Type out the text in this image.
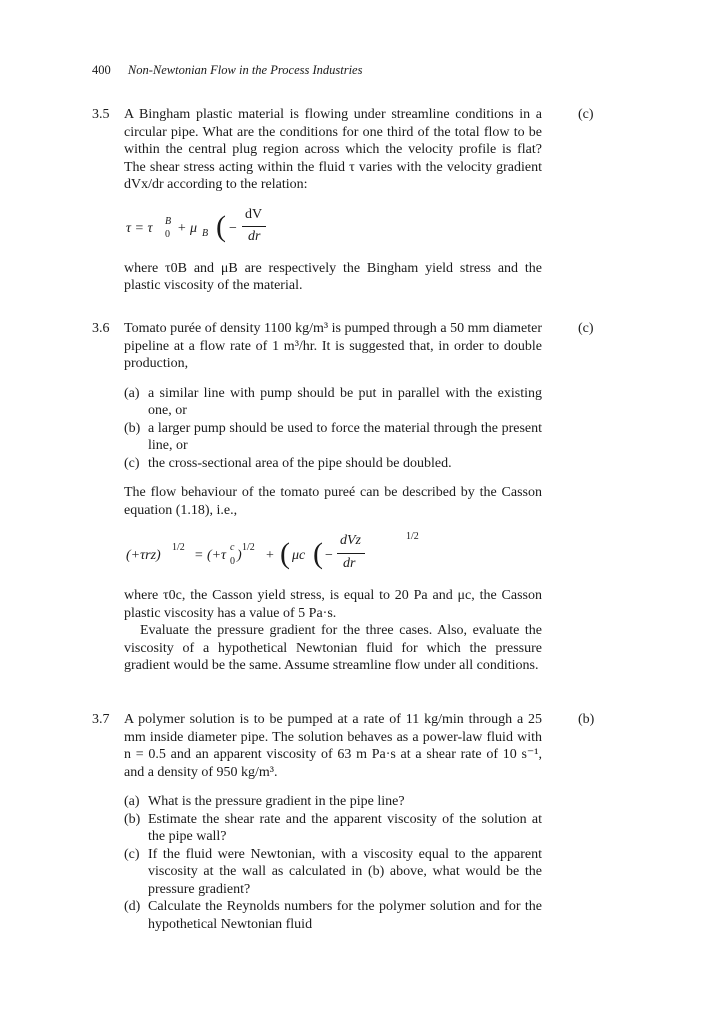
400 Non-Newtonian Flow in the Process Industries
3.5	(c)

A Bingham plastic material is flowing under streamline conditions in a circular pipe. What are the conditions for one third of the total flow to be within the central plug region across which the velocity profile is flat? The shear stress acting within the fluid τ varies with the velocity gradient dVx/dr according to the relation:

τ = τ B
0 + μ B ( −
dV
dr

where τ0B and μB are respectively the Bingham yield stress and the plastic viscosity of the material.

3.6	(c)

Tomato purée of density 1100 kg/m³ is pumped through a 50 mm diameter pipeline at a flow rate of 1 m³/hr. It is suggested that, in order to double production,

(a) a similar line with pump should be put in parallel with the existing one, or
(b) a larger pump should be used to force the material through the present line, or
(c) the cross-sectional area of the pipe should be doubled.

The flow behaviour of the tomato pureé can be described by the Casson equation (1.18), i.e.,

(+τrz)
1/2
= (+τ
c
0 )
1/2
+ ( μc ( −
dVz
dr
1/2

where τ0c, the Casson yield stress, is equal to 20 Pa and μc, the Casson plastic viscosity has a value of 5 Pa·s.

Evaluate the pressure gradient for the three cases. Also, evaluate the viscosity of a hypothetical Newtonian fluid for which the pressure gradient would be the same. Assume streamline flow under all conditions.

3.7	(b)

A polymer solution is to be pumped at a rate of 11 kg/min through a 25 mm inside diameter pipe. The solution behaves as a power-law fluid with n = 0.5 and an apparent viscosity of 63 m Pa·s at a shear rate of 10 s⁻¹, and a density of 950 kg/m³.

(a) What is the pressure gradient in the pipe line?
(b) Estimate the shear rate and the apparent viscosity of the solution at the pipe wall?
(c) If the fluid were Newtonian, with a viscosity equal to the apparent viscosity at the wall as calculated in (b) above, what would be the pressure gradient?
(d) Calculate the Reynolds numbers for the polymer solution and for the hypothetical Newtonian fluid
